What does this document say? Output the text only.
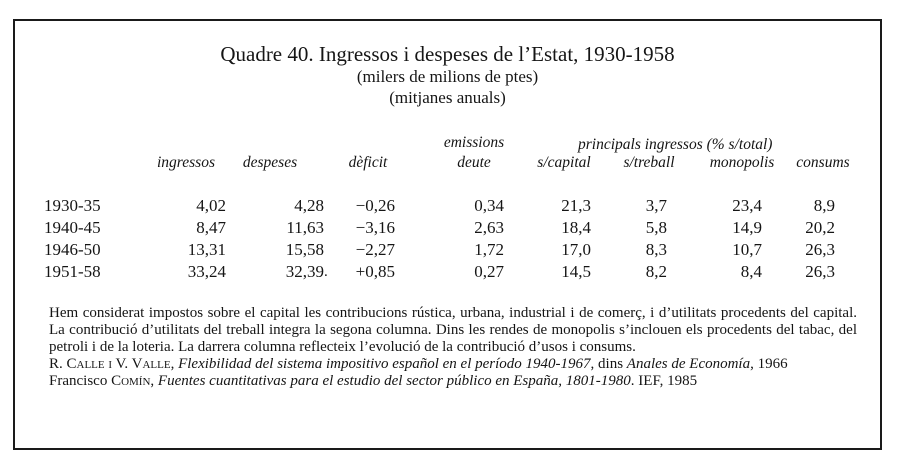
Quadre 40. Ingressos i despeses de l’Estat, 1930-1958
(milers de milions de ptes)
(mitjanes anuals)
ingressos despeses	dèficit
emissions
deute
principals ingressos (% s/total)
s/capital s/treball monopolis consums
1930-35	4,02	4,28 −0,26	0,34	21,3	3,7	23,4	8,9
1940-45	8,47	11,63 −3,16	2,63	18,4	5,8	14,9	20,2
1946-50	13,31	15,58 −2,27	1,72	17,0	8,3	10,7	26,3
1951-58	33,24	32,39 . +0,85	0,27	14,5	8,2	8,4	26,3

Hem considerat impostos sobre el capital les contribucions rústica, urbana, industrial i de comerç, i d’utilitats procedents del capital. La contribució d’utilitats del treball integra la segona columna. Dins les rendes de monopolis s’inclouen els procedents del tabac, del petroli i de la loteria. La darrera columna reflecteix l’evolució de la contribució d’usos i consums.

R. Calle i V. Valle, Flexibilidad del sistema impositivo español en el período 1940-1967, dins Anales de Economía, 1966

Francisco Comín, Fuentes cuantitativas para el estudio del sector público en España, 1801-1980. IEF, 1985
